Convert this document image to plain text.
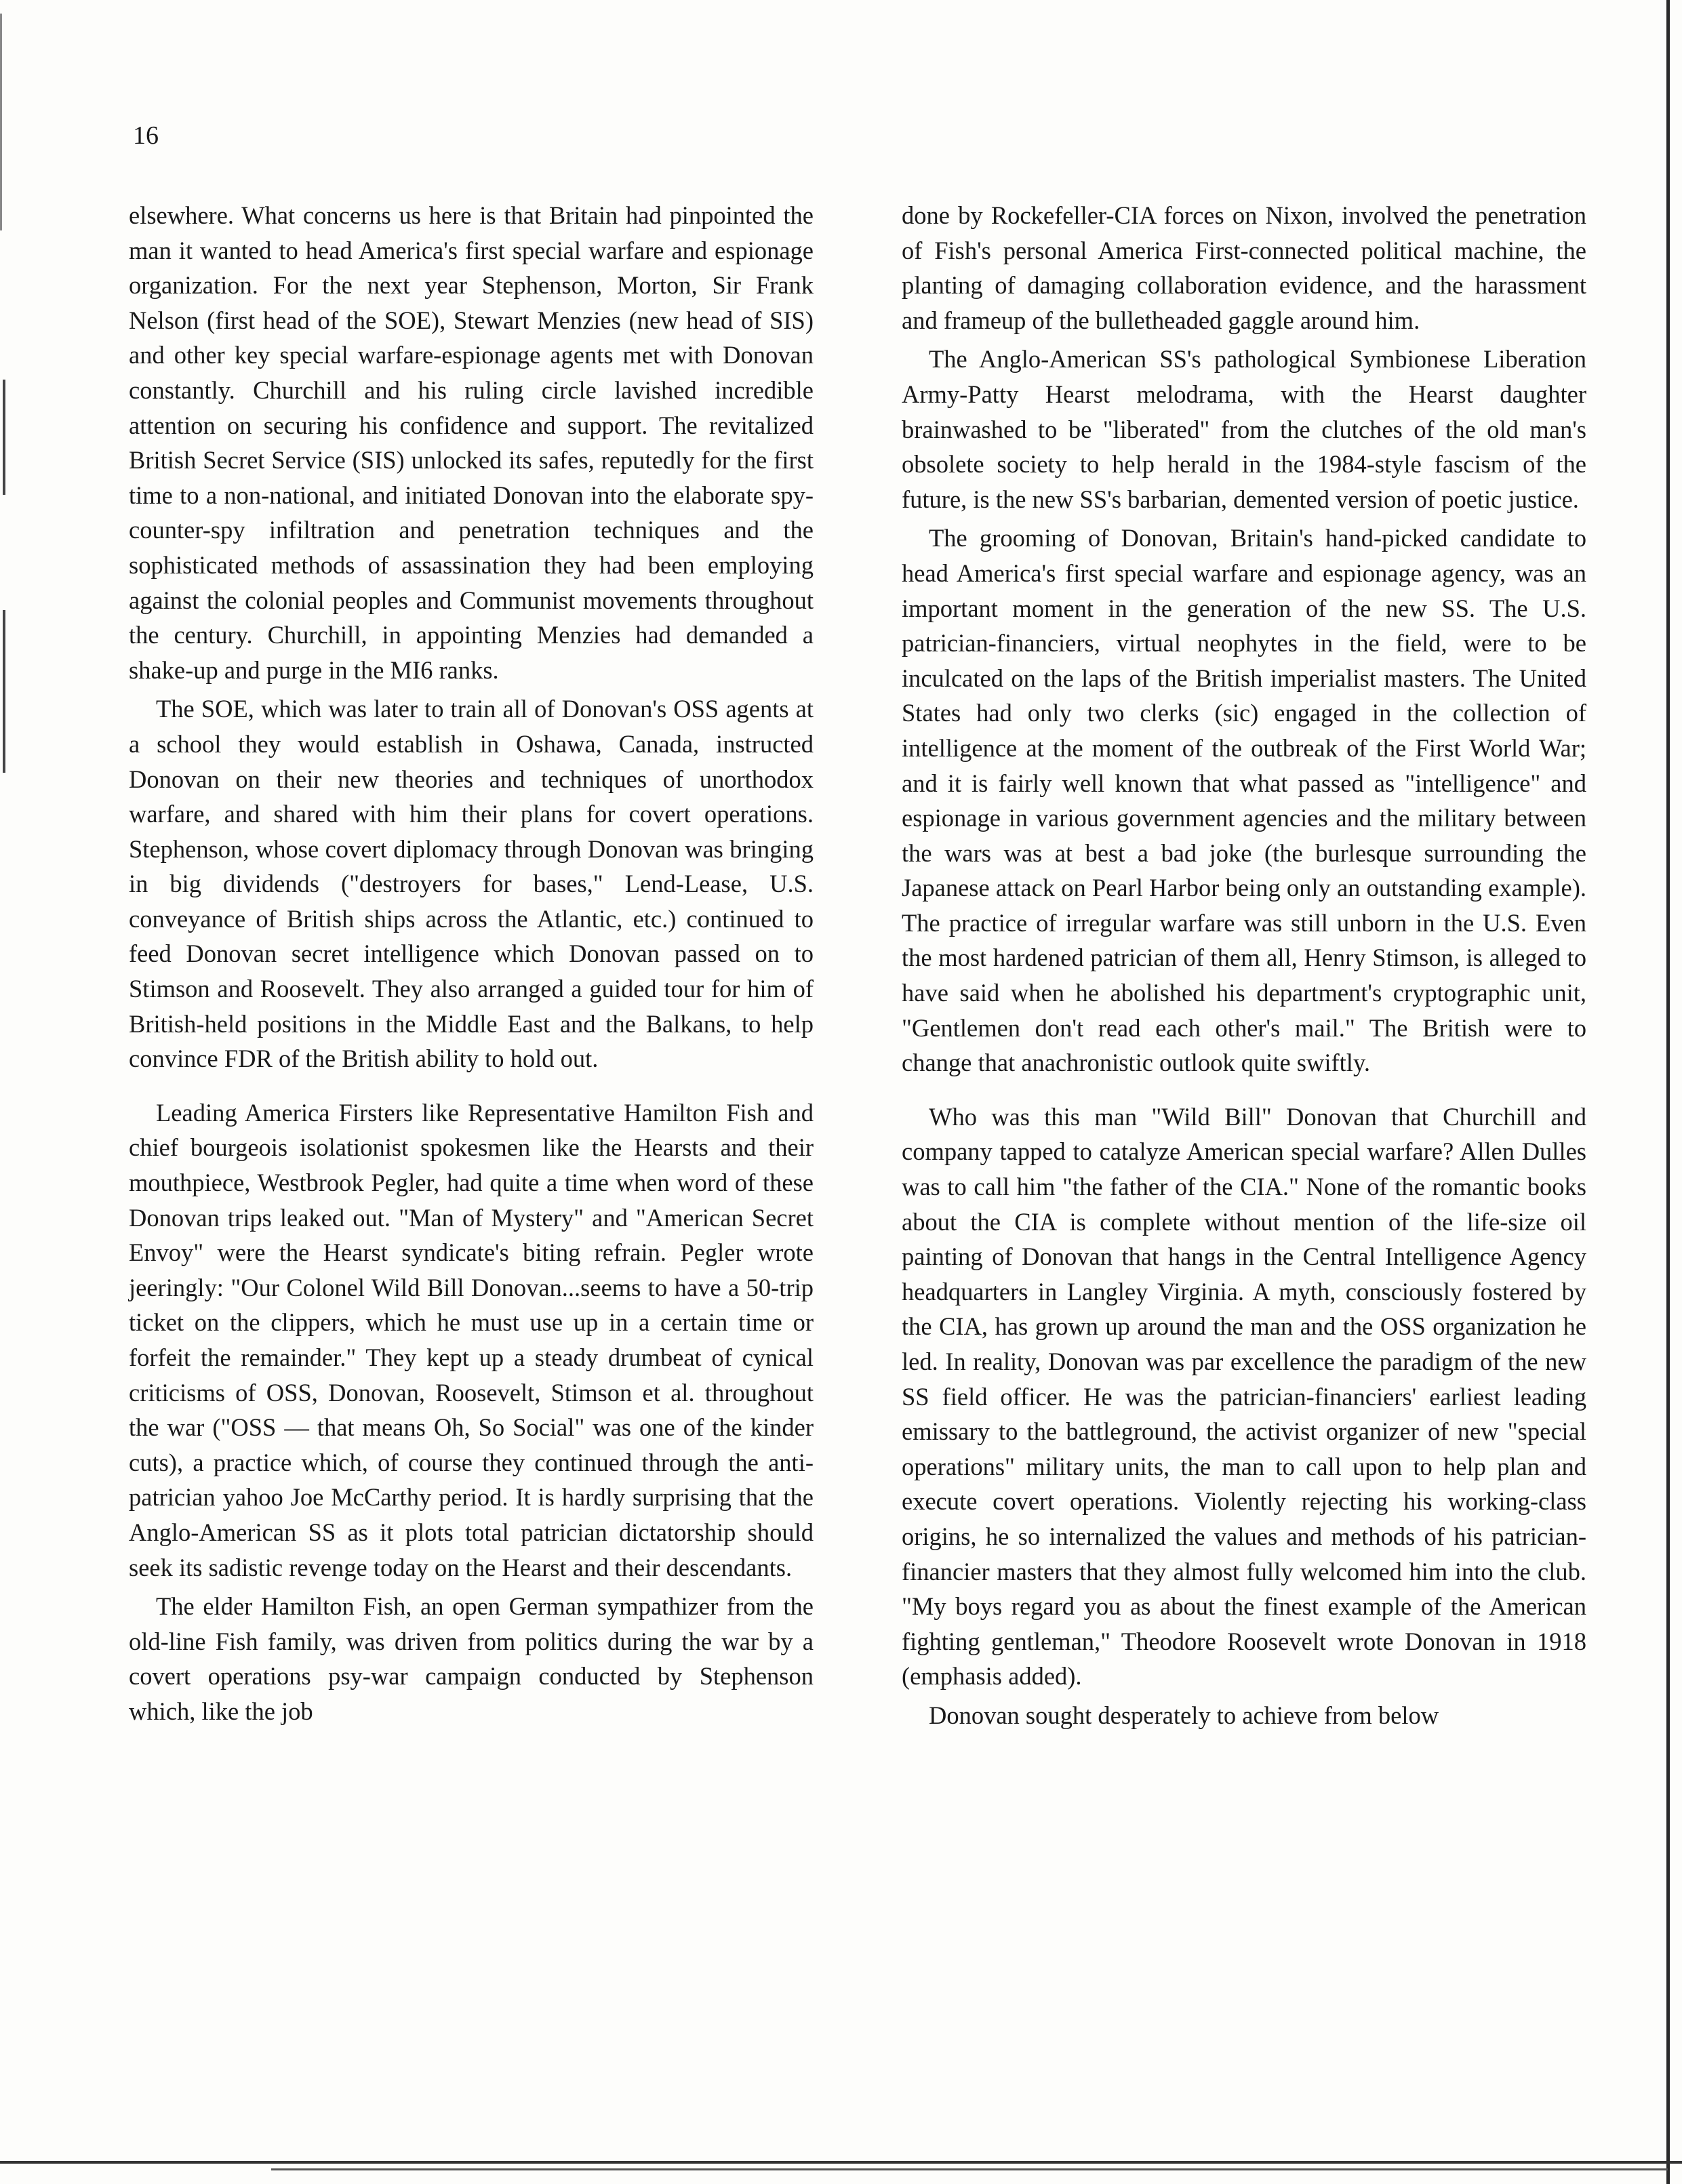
16

elsewhere. What concerns us here is that Britain had pinpointed the man it wanted to head America's first special warfare and espionage organization. For the next year Stephenson, Morton, Sir Frank Nelson (first head of the SOE), Stewart Menzies (new head of SIS) and other key special warfare-espionage agents met with Donovan constantly. Churchill and his ruling circle lavished incredible attention on securing his confidence and support. The revitalized British Secret Service (SIS) unlocked its safes, reputedly for the first time to a non-national, and initiated Donovan into the elaborate spy-counter-spy infiltration and penetration techniques and the sophisticated methods of assassination they had been employing against the colonial peoples and Communist movements throughout the century. Churchill, in appointing Menzies had demanded a shake-up and purge in the MI6 ranks.

The SOE, which was later to train all of Donovan's OSS agents at a school they would establish in Oshawa, Canada, instructed Donovan on their new theories and techniques of unorthodox warfare, and shared with him their plans for covert operations. Stephenson, whose covert diplomacy through Donovan was bringing in big dividends ("destroyers for bases," Lend-Lease, U.S. conveyance of British ships across the Atlantic, etc.) continued to feed Donovan secret intelligence which Donovan passed on to Stimson and Roosevelt. They also arranged a guided tour for him of British-held positions in the Middle East and the Balkans, to help convince FDR of the British ability to hold out.

Leading America Firsters like Representative Hamilton Fish and chief bourgeois isolationist spokesmen like the Hearsts and their mouthpiece, Westbrook Pegler, had quite a time when word of these Donovan trips leaked out. "Man of Mystery" and "American Secret Envoy" were the Hearst syndicate's biting refrain. Pegler wrote jeeringly: "Our Colonel Wild Bill Donovan...seems to have a 50-trip ticket on the clippers, which he must use up in a certain time or forfeit the remainder." They kept up a steady drumbeat of cynical criticisms of OSS, Donovan, Roosevelt, Stimson et al. throughout the war ("OSS — that means Oh, So Social" was one of the kinder cuts), a practice which, of course they continued through the anti-patrician yahoo Joe McCarthy period. It is hardly surprising that the Anglo-American SS as it plots total patrician dictatorship should seek its sadistic revenge today on the Hearst and their descendants.

The elder Hamilton Fish, an open German sympathizer from the old-line Fish family, was driven from politics during the war by a covert operations psy-war campaign conducted by Stephenson which, like the job

done by Rockefeller-CIA forces on Nixon, involved the penetration of Fish's personal America First-connected political machine, the planting of damaging collaboration evidence, and the harassment and frameup of the bulletheaded gaggle around him.

The Anglo-American SS's pathological Symbionese Liberation Army-Patty Hearst melodrama, with the Hearst daughter brainwashed to be "liberated" from the clutches of the old man's obsolete society to help herald in the 1984-style fascism of the future, is the new SS's barbarian, demented version of poetic justice.

The grooming of Donovan, Britain's hand-picked candidate to head America's first special warfare and espionage agency, was an important moment in the generation of the new SS. The U.S. patrician-financiers, virtual neophytes in the field, were to be inculcated on the laps of the British imperialist masters. The United States had only two clerks (sic) engaged in the collection of intelligence at the moment of the outbreak of the First World War; and it is fairly well known that what passed as "intelligence" and espionage in various government agencies and the military between the wars was at best a bad joke (the burlesque surrounding the Japanese attack on Pearl Harbor being only an outstanding example). The practice of irregular warfare was still unborn in the U.S. Even the most hardened patrician of them all, Henry Stimson, is alleged to have said when he abolished his department's cryptographic unit, "Gentlemen don't read each other's mail." The British were to change that anachronistic outlook quite swiftly.

Who was this man "Wild Bill" Donovan that Churchill and company tapped to catalyze American special warfare? Allen Dulles was to call him "the father of the CIA." None of the romantic books about the CIA is complete without mention of the life-size oil painting of Donovan that hangs in the Central Intelligence Agency headquarters in Langley Virginia. A myth, consciously fostered by the CIA, has grown up around the man and the OSS organization he led. In reality, Donovan was par excellence the paradigm of the new SS field officer. He was the patrician-financiers' earliest leading emissary to the battleground, the activist organizer of new "special operations" military units, the man to call upon to help plan and execute covert operations. Violently rejecting his working-class origins, he so internalized the values and methods of his patrician-financier masters that they almost fully welcomed him into the club. "My boys regard you as about the finest example of the American fighting gentleman," Theodore Roosevelt wrote Donovan in 1918 (emphasis added).

Donovan sought desperately to achieve from below
